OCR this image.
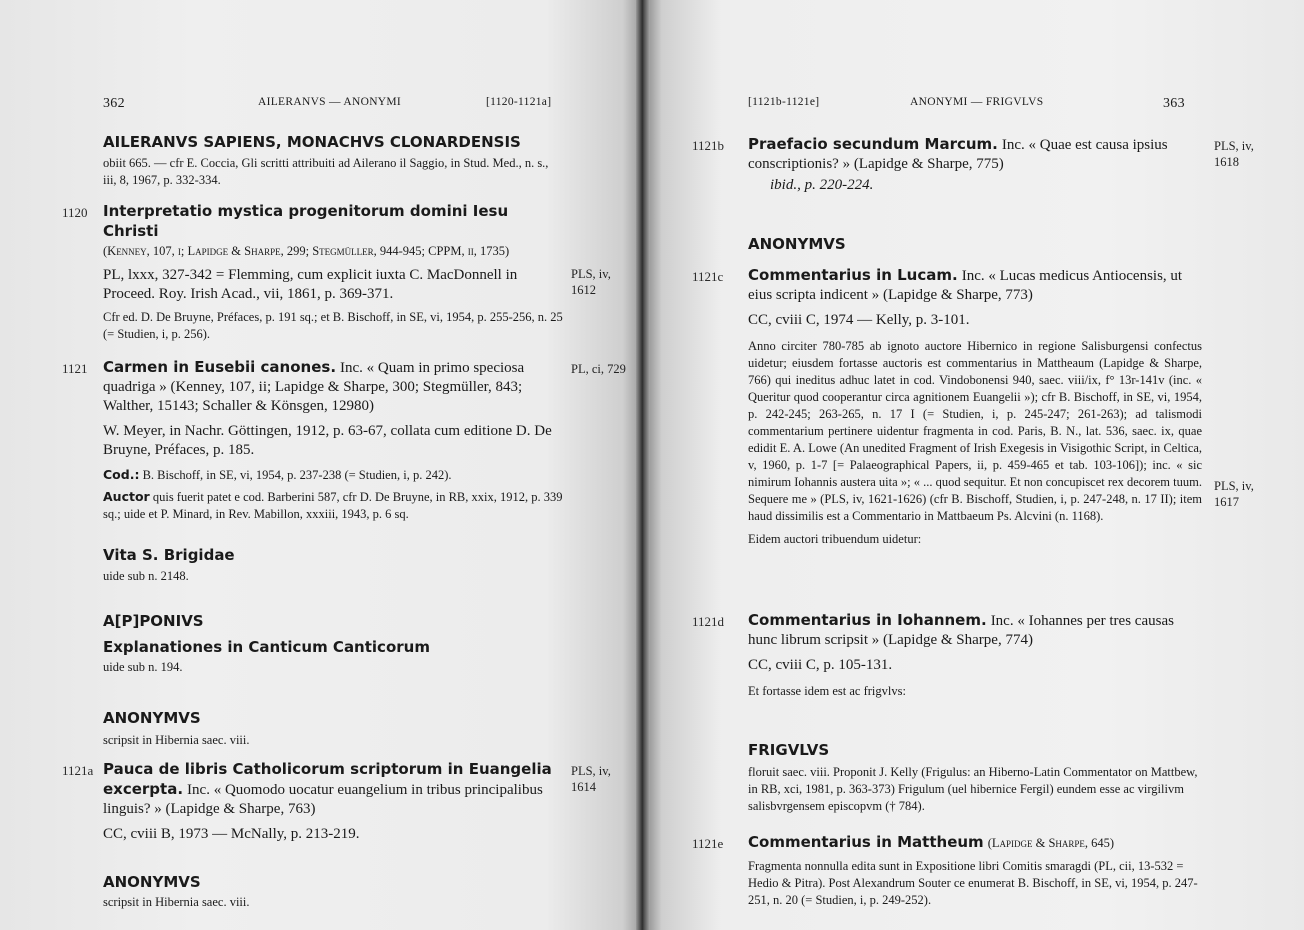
362	AILERANVS — ANONYMI	[1120-1121a]

AILERANVS SAPIENS, MONACHVS CLONARDENSIS

obiit 665. — cfr E. Coccia, Gli scritti attribuiti ad Ailerano il Saggio, in Stud. Med., n. s., iii, 8, 1967, p. 332-334.

1120 Interpretatio mystica progenitorum domini Iesu Christi

(Kenney, 107, i; Lapidge & Sharpe, 299; Stegmüller, 944-945; CPPM, ii, 1735)

PL, lxxx, 327-342 = Flemming, cum explicit iuxta C. MacDonnell in Proceed. Roy. Irish Acad., vii, 1861, p. 369-371.

Cfr ed. D. De Bruyne, Préfaces, p. 191 sq.; et B. Bischoff, in SE, vi, 1954, p. 255-256, n. 25 (= Studien, i, p. 256).

PLS, iv, 1612
1121 Carmen in Eusebii canones. Inc. « Quam in primo speciosa quadriga » (Kenney, 107, ii; Lapidge & Sharpe, 300; Stegmüller, 843; Walther, 15143; Schaller & Könsgen, 12980)

W. Meyer, in Nachr. Göttingen, 1912, p. 63-67, collata cum editione D. De Bruyne, Préfaces, p. 185.

Cod.: B. Bischoff, in SE, vi, 1954, p. 237-238 (= Studien, i, p. 242).

Auctor quis fuerit patet e cod. Barberini 587, cfr D. De Bruyne, in RB, xxix, 1912, p. 339 sq.; uide et P. Minard, in Rev. Mabillon, xxxiii, 1943, p. 6 sq.

PL, ci, 729

Vita S. Brigidae

uide sub n. 2148.

A[P]PONIVS

Explanationes in Canticum Canticorum

uide sub n. 194.

ANONYMVS

scripsit in Hibernia saec. viii.

1121a Pauca de libris Catholicorum scriptorum in Euangelia excerpta. Inc. « Quomodo uocatur euangelium in tribus principalibus linguis? » (Lapidge & Sharpe, 763)

CC, cviii B, 1973 — McNally, p. 213-219.

PLS, iv, 1614

ANONYMVS

scripsit in Hibernia saec. viii.

[1121b-1121e]	ANONYMI — FRIGVLVS	363
1121b Praefacio secundum Marcum. Inc. « Quae est causa ipsius conscriptionis? » (Lapidge & Sharpe, 775)

ibid., p. 220-224.

PLS, iv, 1618

ANONYMVS

1121c Commentarius in Lucam. Inc. « Lucas medicus Antiocensis, ut eius scripta indicent » (Lapidge & Sharpe, 773)

CC, cviii C, 1974 — Kelly, p. 3-101.

Anno circiter 780-785 ab ignoto auctore Hibernico in regione Salisburgensi confectus uidetur; eiusdem fortasse auctoris est commentarius in Mattheaum (Lapidge & Sharpe, 766) qui ineditus adhuc latet in cod. Vindobonensi 940, saec. viii/ix, f° 13r-141v (inc. « Queritur quod cooperantur circa agnitionem Euangelii »); cfr B. Bischoff, in SE, vi, 1954, p. 242-245; 263-265, n. 17 I (= Studien, i, p. 245-247; 261-263); ad talismodi commentarium pertinere uidentur fragmenta in cod. Paris, B. N., lat. 536, saec. ix, quae edidit E. A. Lowe (An unedited Fragment of Irish Exegesis in Visigothic Script, in Celtica, v, 1960, p. 1-7 [= Palaeographical Papers, ii, p. 459-465 et tab. 103-106]); inc. « sic nimirum Iohannis austera uita »; « ... quod sequitur. Et non concupiscet rex decorem tuum. Sequere me » (PLS, iv, 1621-1626) (cfr B. Bischoff, Studien, i, p. 247-248, n. 17 II); item haud dissimilis est a Commentario in Mattbaeum Ps. Alcvini (n. 1168).

Eidem auctori tribuendum uidetur:

PLS, iv, 1617
1121d Commentarius in Iohannem. Inc. « Iohannes per tres causas hunc librum scripsit » (Lapidge & Sharpe, 774)

CC, cviii C, p. 105-131.

Et fortasse idem est ac frigvlvs:

FRIGVLVS

floruit saec. viii. Proponit J. Kelly (Frigulus: an Hiberno-Latin Commentator on Mattbew, in RB, xci, 1981, p. 363-373) Frigulum (uel hibernice Fergil) eundem esse ac virgilivm salisbvrgensem episcopvm († 784).

1121e Commentarius in Mattheum (Lapidge & Sharpe, 645)

Fragmenta nonnulla edita sunt in Expositione libri Comitis smaragdi (PL, cii, 13-532 = Hedio & Pitra). Post Alexandrum Souter ce enumerat B. Bischoff, in SE, vi, 1954, p. 247-251, n. 20 (= Studien, i, p. 249-252).
